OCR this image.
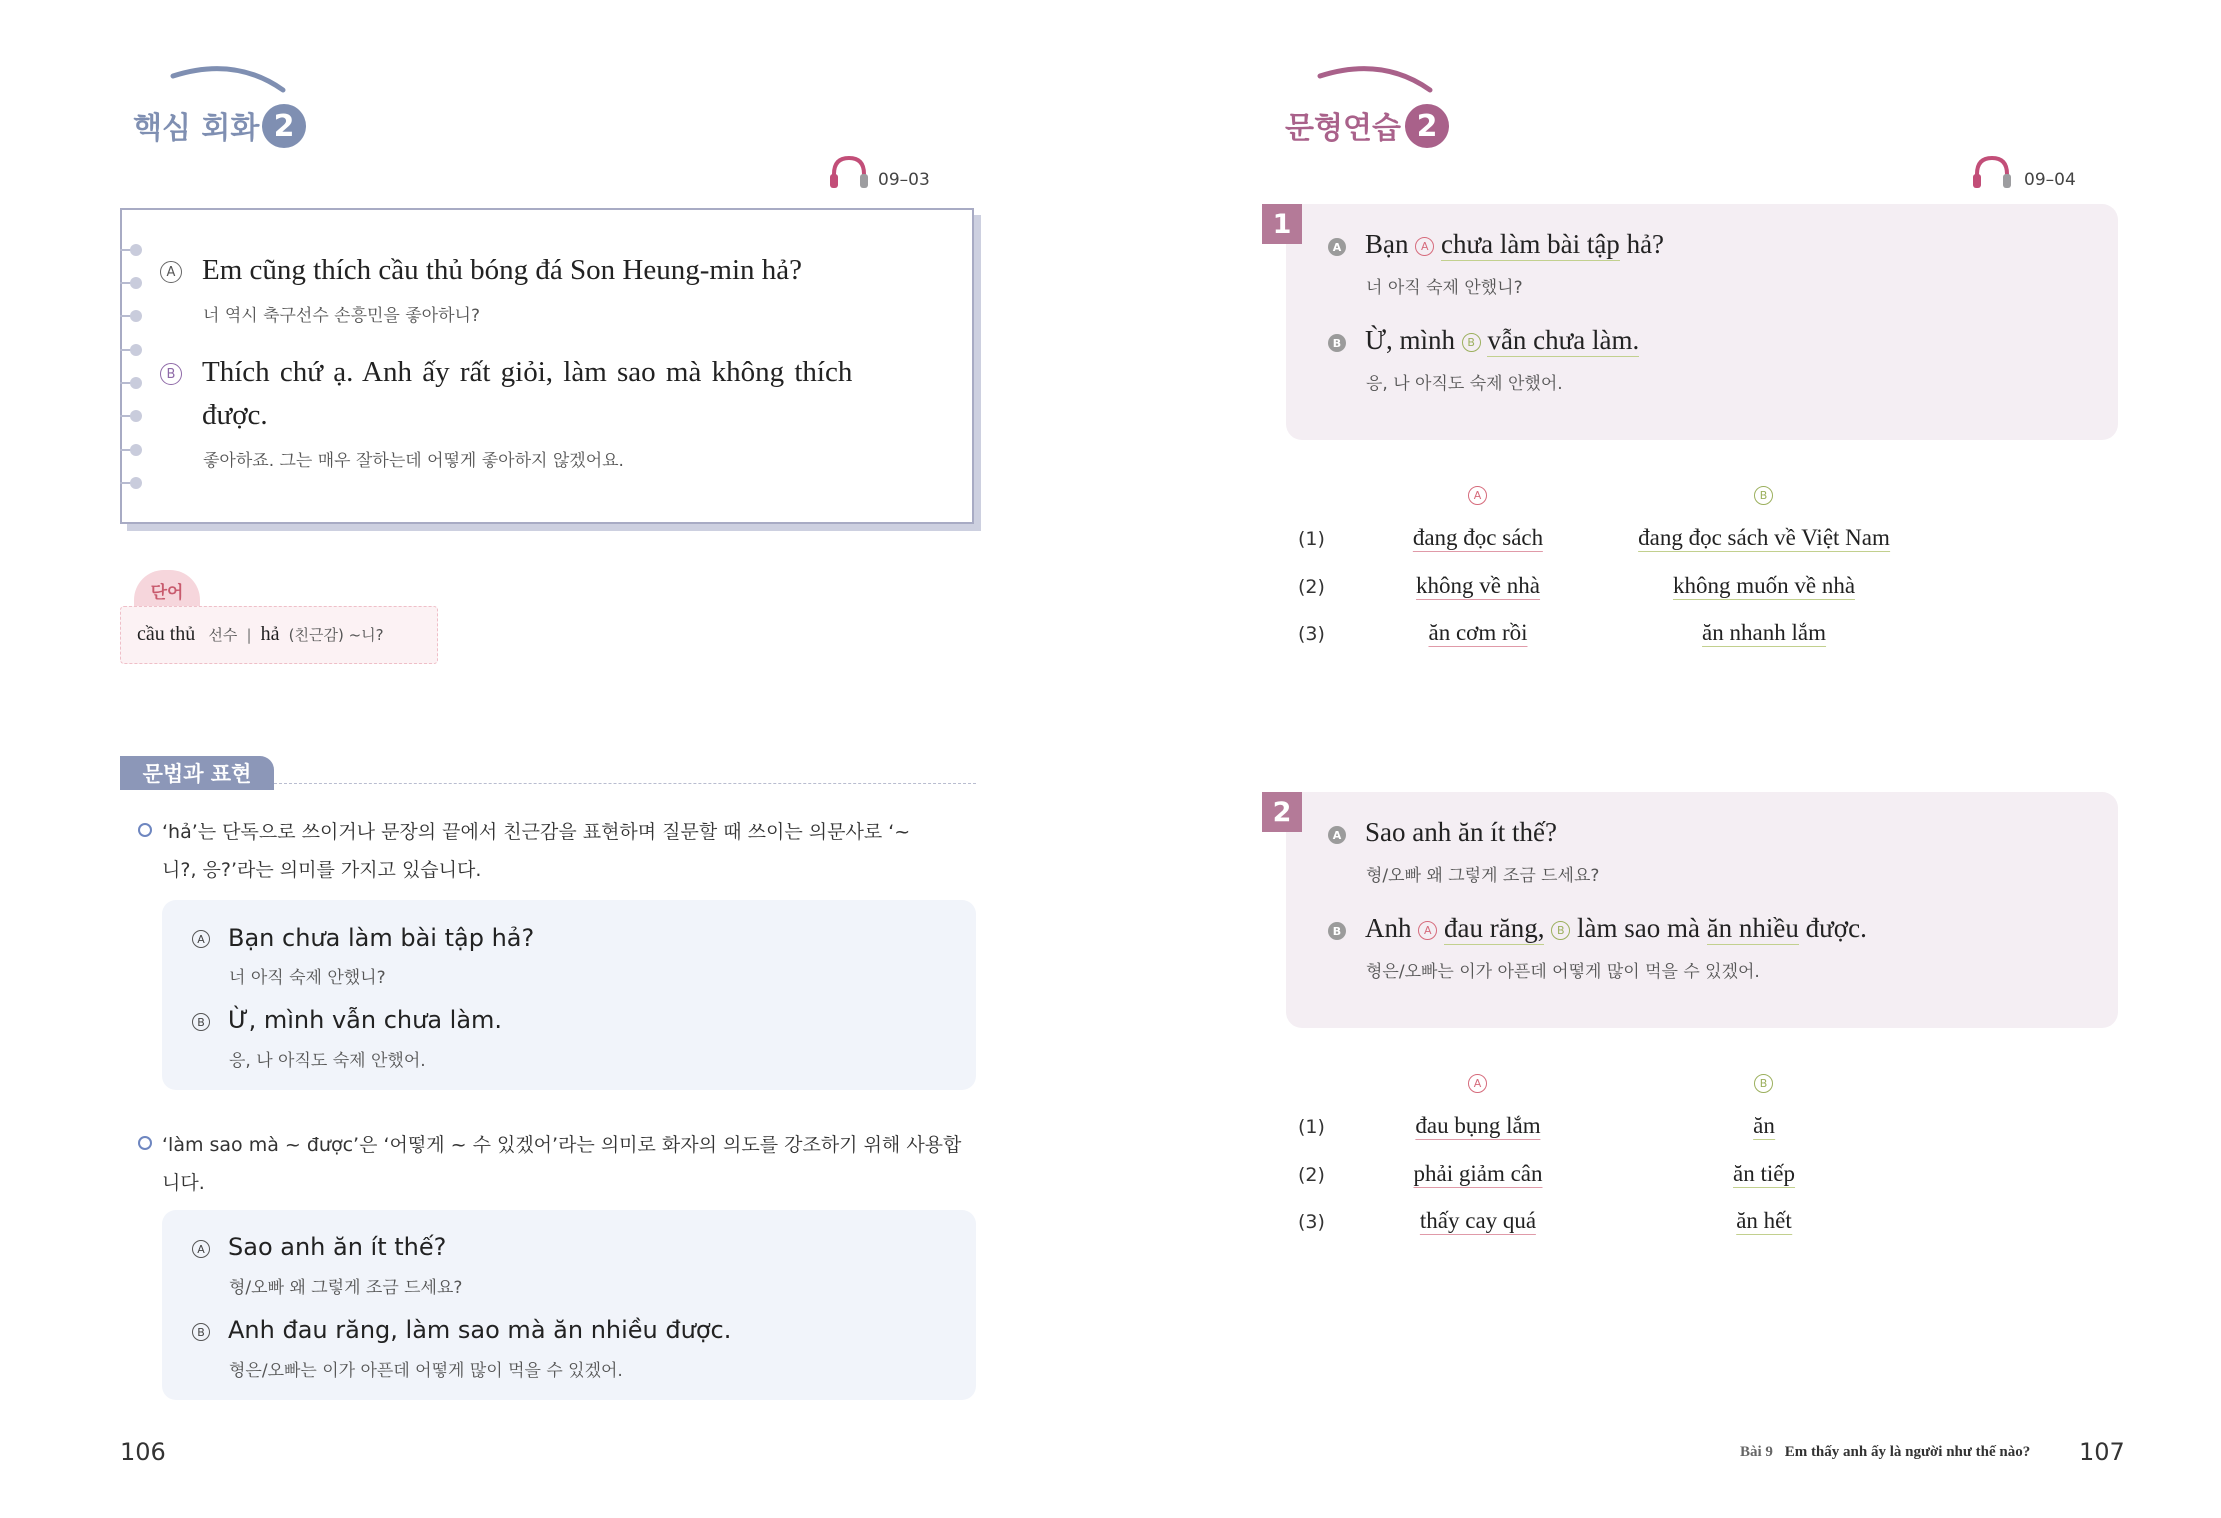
핵심 회화 2
09–03
A Em cũng thích cầu thủ bóng đá Son Heung-min hả?
너 역시 축구선수 손흥민을 좋아하니?
B Thích chứ ạ. Anh ấy rất giỏi, làm sao mà không thích
được.
좋아하죠. 그는 매우 잘하는데 어떻게 좋아하지 않겠어요.
단어
cầu thủ 선수 | hả (친근감) ~니?
문법과 표현
‘hả’는 단독으로 쓰이거나 문장의 끝에서 친근감을 표현하며 질문할 때 쓰이는 의문사로 ‘~
니?, 응?’라는 의미를 가지고 있습니다.
A Bạn chưa làm bài tập hả?
너 아직 숙제 안했니?
B Ừ, mình vẫn chưa làm.
응, 나 아직도 숙제 안했어.
‘làm sao mà ~ được’은 ‘어떻게 ~ 수 있겠어’라는 의미로 화자의 의도를 강조하기 위해 사용합
니다.
A Sao anh ăn ít thế?
형/오빠 왜 그렇게 조금 드세요?
B Anh đau răng, làm sao mà ăn nhiều được.
형은/오빠는 이가 아픈데 어떻게 많이 먹을 수 있겠어.
106
문형연습 2
09–04
1
A Bạn A chưa làm bài tập hả?
너 아직 숙제 안했니?
B Ừ, mình B vẫn chưa làm.
응, 나 아직도 숙제 안했어.
A	B
(1)	đang đọc sách	đang đọc sách về Việt Nam
(2)	không về nhà	không muốn về nhà
(3)	ăn cơm rồi	ăn nhanh lắm
2
A Sao anh ăn ít thế?
형/오빠 왜 그렇게 조금 드세요?
B Anh A đau răng, B làm sao mà ăn nhiều được.
형은/오빠는 이가 아픈데 어떻게 많이 먹을 수 있겠어.
A	B
(1)	đau bụng lắm	ăn
(2)	phải giảm cân	ăn tiếp
(3)	thấy cay quá	ăn hết
Bài 9 Em thấy anh ấy là người như thế nào? 107
